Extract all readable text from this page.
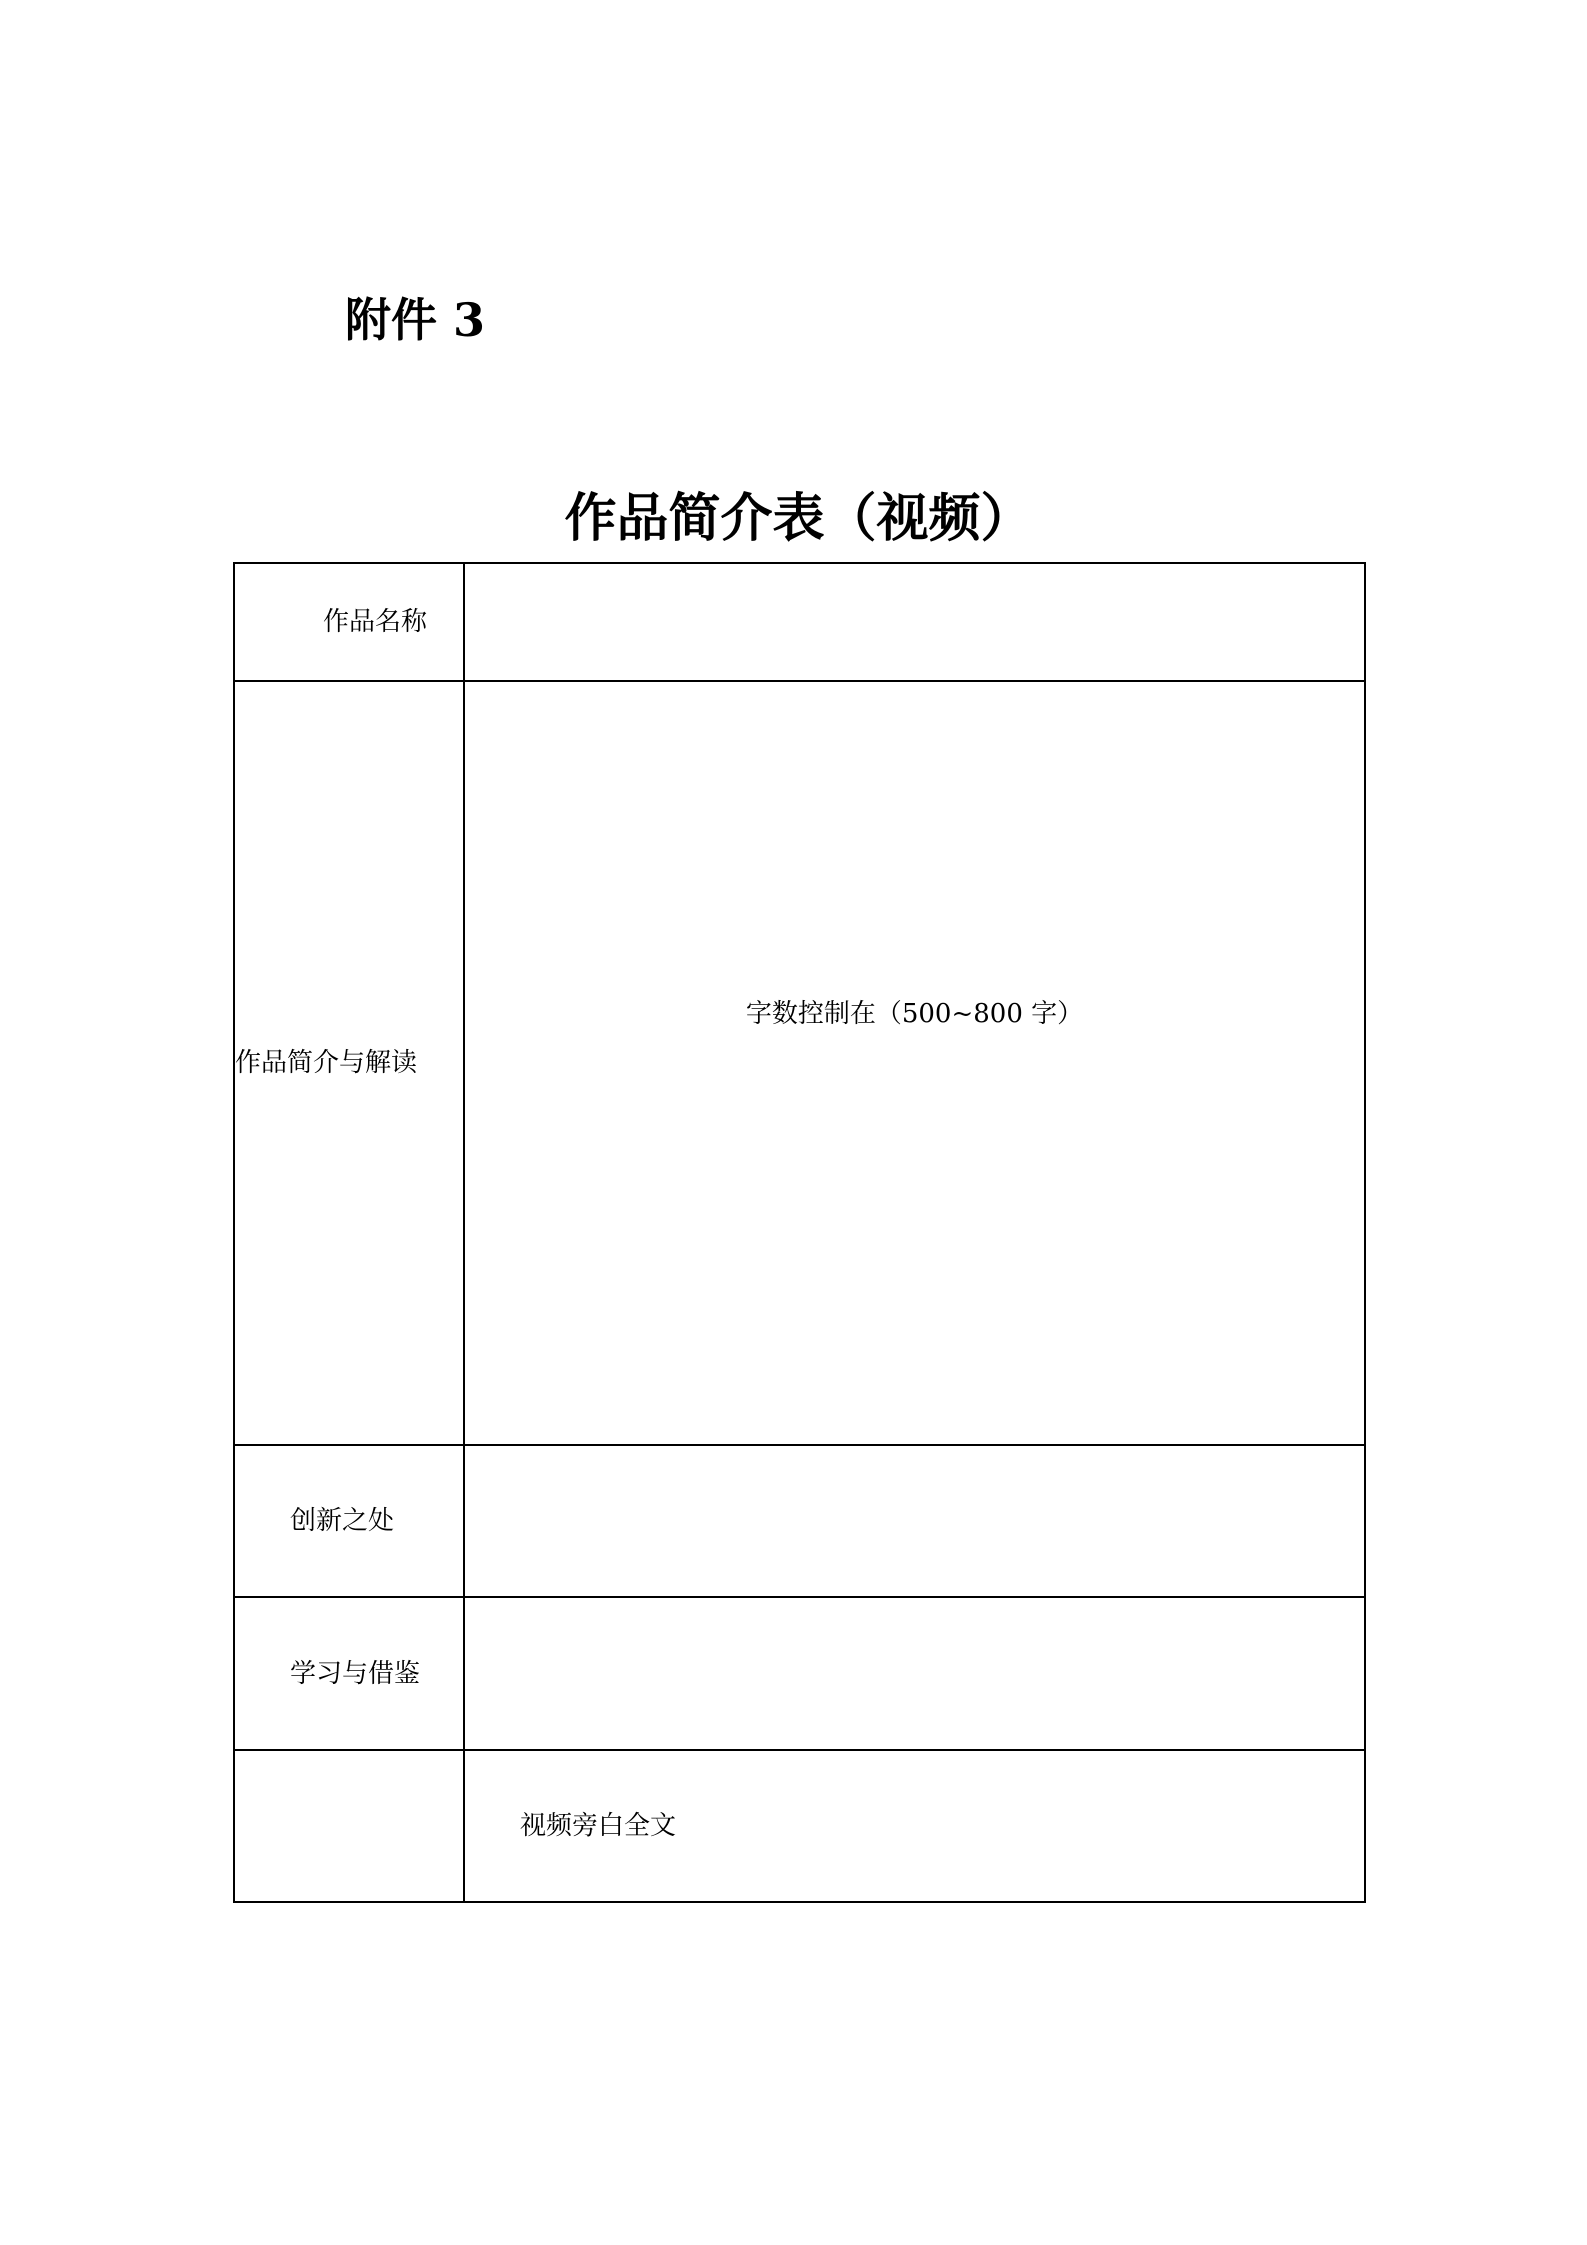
附件 3
作品简介表（视频）
作品名称	

作品简介与解读	字数控制在（500~800 字）

创新之处	

学习与借鉴	

	视频旁白全文
